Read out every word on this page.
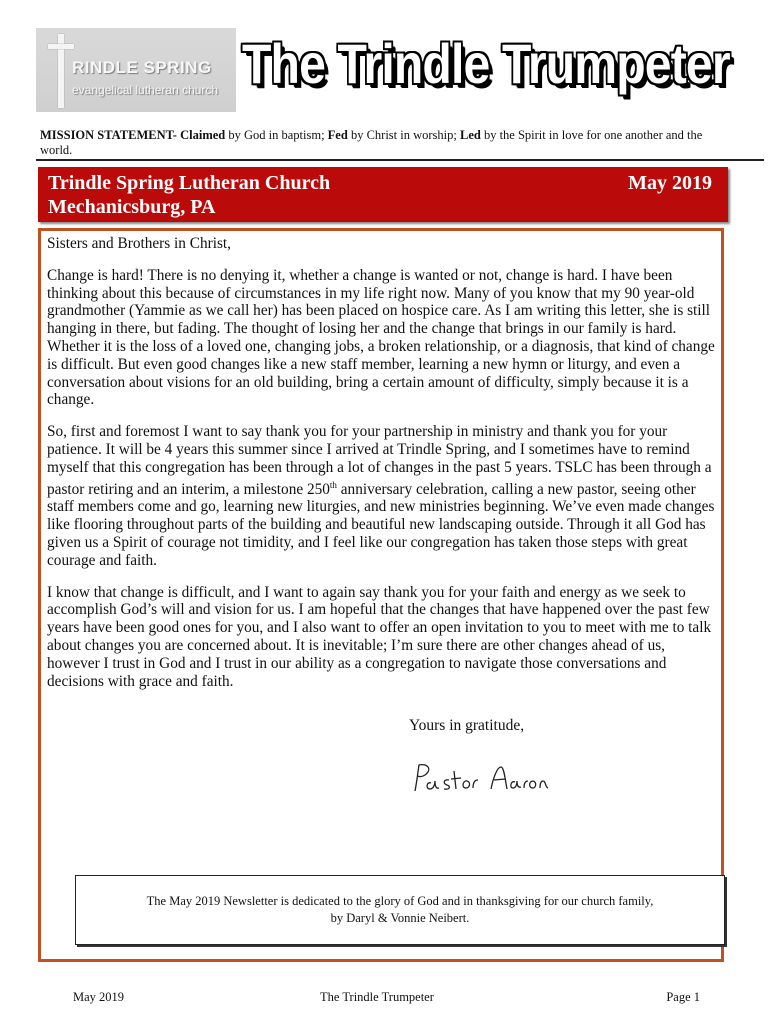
RINDLE SPRING
evangelical lutheran church The Trindle Trumpeter
MISSION STATEMENT- Claimed by God in baptism; Fed by Christ in worship; Led by the Spirit in love for one another and the world.
Trindle Spring Lutheran Church
Mechanicsburg, PA
May 2019

Sisters and Brothers in Christ,

Change is hard! There is no denying it, whether a change is wanted or not, change is hard. I have been thinking about this because of circumstances in my life right now. Many of you know that my 90 year-old grandmother (Yammie as we call her) has been placed on hospice care. As I am writing this letter, she is still hanging in there, but fading. The thought of losing her and the change that brings in our family is hard. Whether it is the loss of a loved one, changing jobs, a broken relationship, or a diagnosis, that kind of change is difficult. But even good changes like a new staff member, learning a new hymn or liturgy, and even a conversation about visions for an old building, bring a certain amount of difficulty, simply because it is a change.

So, first and foremost I want to say thank you for your partnership in ministry and thank you for your patience. It will be 4 years this summer since I arrived at Trindle Spring, and I sometimes have to remind myself that this congregation has been through a lot of changes in the past 5 years. TSLC has been through a pastor retiring and an interim, a milestone 250th anniversary celebration, calling a new pastor, seeing other staff members come and go, learning new liturgies, and new ministries beginning. We’ve even made changes like flooring throughout parts of the building and beautiful new landscaping outside. Through it all God has given us a Spirit of courage not timidity, and I feel like our congregation has taken those steps with great courage and faith.

I know that change is difficult, and I want to again say thank you for your faith and energy as we seek to accomplish God’s will and vision for us. I am hopeful that the changes that have happened over the past few years have been good ones for you, and I also want to offer an open invitation to you to meet with me to talk about changes you are concerned about. It is inevitable; I’m sure there are other changes ahead of us, however I trust in God and I trust in our ability as a congregation to navigate those conversations and decisions with grace and faith.

Yours in gratitude,
The May 2019 Newsletter is dedicated to the glory of God and in thanksgiving for our church family,
by Daryl & Vonnie Neibert.
May 2019	The Trindle Trumpeter	Page 1
